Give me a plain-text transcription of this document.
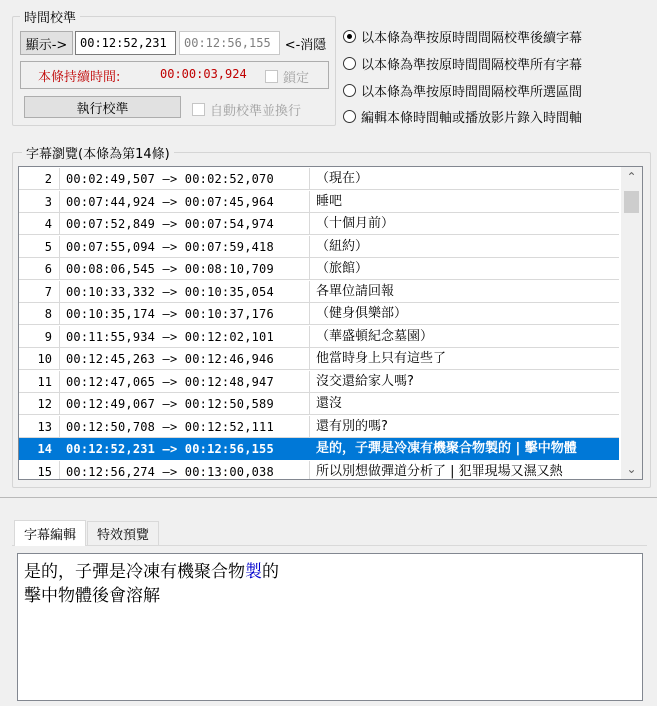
時間校準
顯示->	00:12:52,231	00:12:56,155	<-消隱
本條持續時間:	00:00:03,924	鎖定
執行校準	自動校準並換行
以本條為準按原時間間隔校準後續字幕
以本條為準按原時間間隔校準所有字幕
以本條為準按原時間間隔校準所選區間
編輯本條時間軸或播放影片錄入時間軸
字幕瀏覽(本條為第14條)
2	00:02:49,507 —> 00:02:52,070	（現在）
3	00:07:44,924 —> 00:07:45,964	睡吧
4	00:07:52,849 —> 00:07:54,974	（十個月前）
5	00:07:55,094 —> 00:07:59,418	（紐約）
6	00:08:06,545 —> 00:08:10,709	（旅館）
7	00:10:33,332 —> 00:10:35,054	各單位請回報
8	00:10:35,174 —> 00:10:37,176	（健身俱樂部）
9	00:11:55,934 —> 00:12:02,101	（華盛頓紀念墓園）
10	00:12:45,263 —> 00:12:46,946	他當時身上只有這些了
11	00:12:47,065 —> 00:12:48,947	沒交還給家人嗎?
12	00:12:49,067 —> 00:12:50,589	還沒
13	00:12:50,708 —> 00:12:52,111	還有別的嗎?
14	00:12:52,231 —> 00:12:56,155	是的，子彈是冷凍有機聚合物製的 | 擊中物體
15	00:12:56,274 —> 00:13:00,038	所以別想做彈道分析了 | 犯罪現場又濕又熱
⌃
⌄
字幕編輯	特效預覽
是的，子彈是冷凍有機聚合物製的
擊中物體後會溶解
